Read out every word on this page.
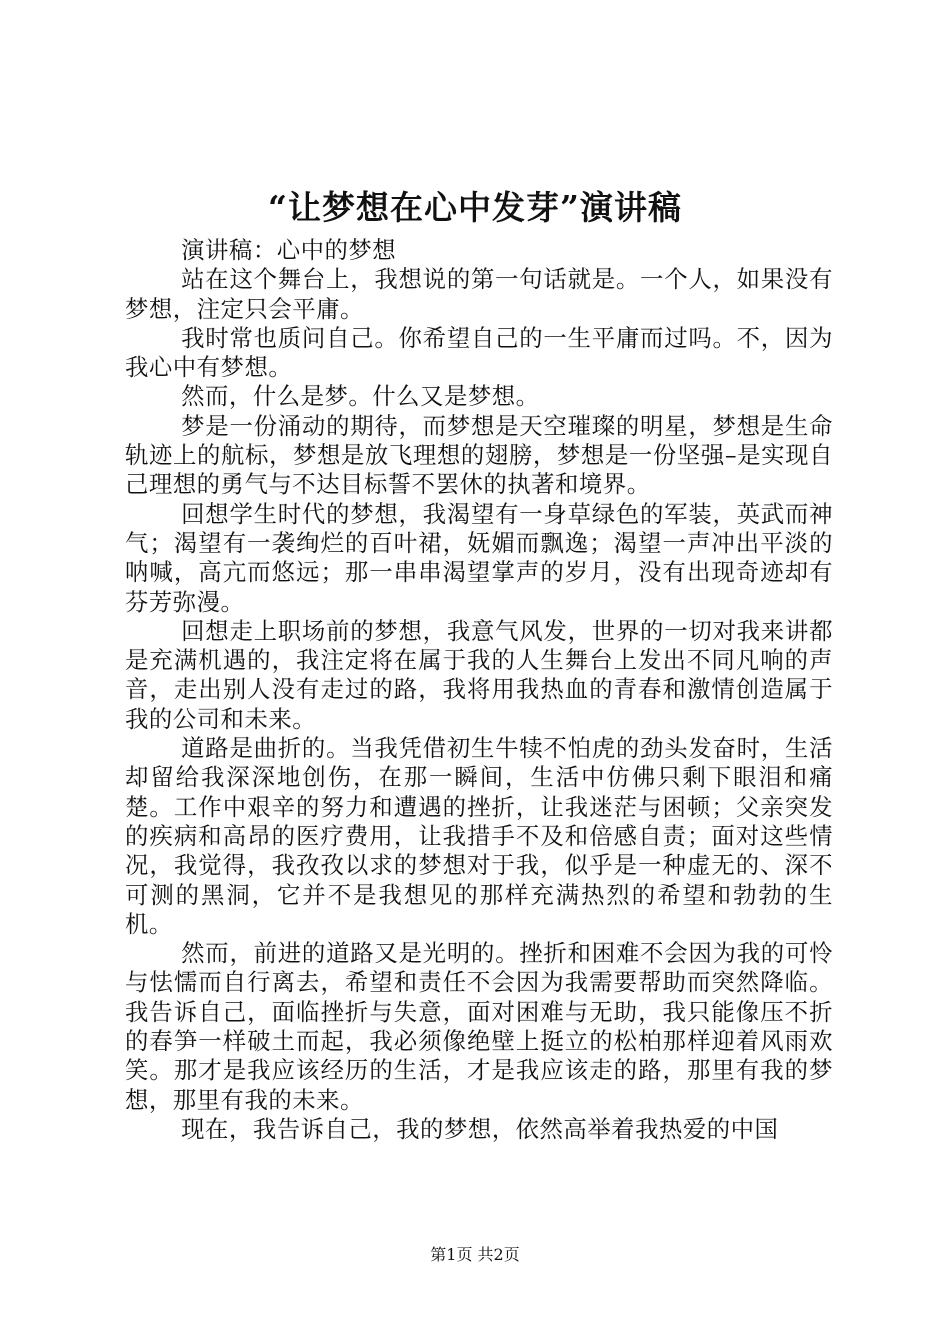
“让梦想在心中发芽”演讲稿

演讲稿：心中的梦想

站在这个舞台上，我想说的第一句话就是。一个人，如果没有梦想，注定只会平庸。

我时常也质问自己。你希望自己的一生平庸而过吗。不，因为我心中有梦想。

然而，什么是梦。什么又是梦想。

梦是一份涌动的期待，而梦想是天空璀璨的明星，梦想是生命轨迹上的航标，梦想是放飞理想的翅膀，梦想是一份坚强–是实现自己理想的勇气与不达目标誓不罢休的执著和境界。

回想学生时代的梦想，我渴望有一身草绿色的军装，英武而神气；渴望有一袭绚烂的百叶裙，妩媚而飘逸；渴望一声冲出平淡的呐喊，高亢而悠远；那一串串渴望掌声的岁月，没有出现奇迹却有芬芳弥漫。

回想走上职场前的梦想，我意气风发，世界的一切对我来讲都是充满机遇的，我注定将在属于我的人生舞台上发出不同凡响的声音，走出别人没有走过的路，我将用我热血的青春和激情创造属于我的公司和未来。

道路是曲折的。当我凭借初生牛犊不怕虎的劲头发奋时，生活却留给我深深地创伤，在那一瞬间，生活中仿佛只剩下眼泪和痛楚。工作中艰辛的努力和遭遇的挫折，让我迷茫与困顿；父亲突发的疾病和高昂的医疗费用，让我措手不及和倍感自责；面对这些情况，我觉得，我孜孜以求的梦想对于我，似乎是一种虚无的、深不可测的黑洞，它并不是我想见的那样充满热烈的希望和勃勃的生机。

然而，前进的道路又是光明的。挫折和困难不会因为我的可怜与怯懦而自行离去，希望和责任不会因为我需要帮助而突然降临。我告诉自己，面临挫折与失意，面对困难与无助，我只能像压不折的春笋一样破土而起，我必须像绝壁上挺立的松柏那样迎着风雨欢笑。那才是我应该经历的生活，才是我应该走的路，那里有我的梦想，那里有我的未来。

现在，我告诉自己，我的梦想，依然高举着我热爱的中国

第1页 共2页
